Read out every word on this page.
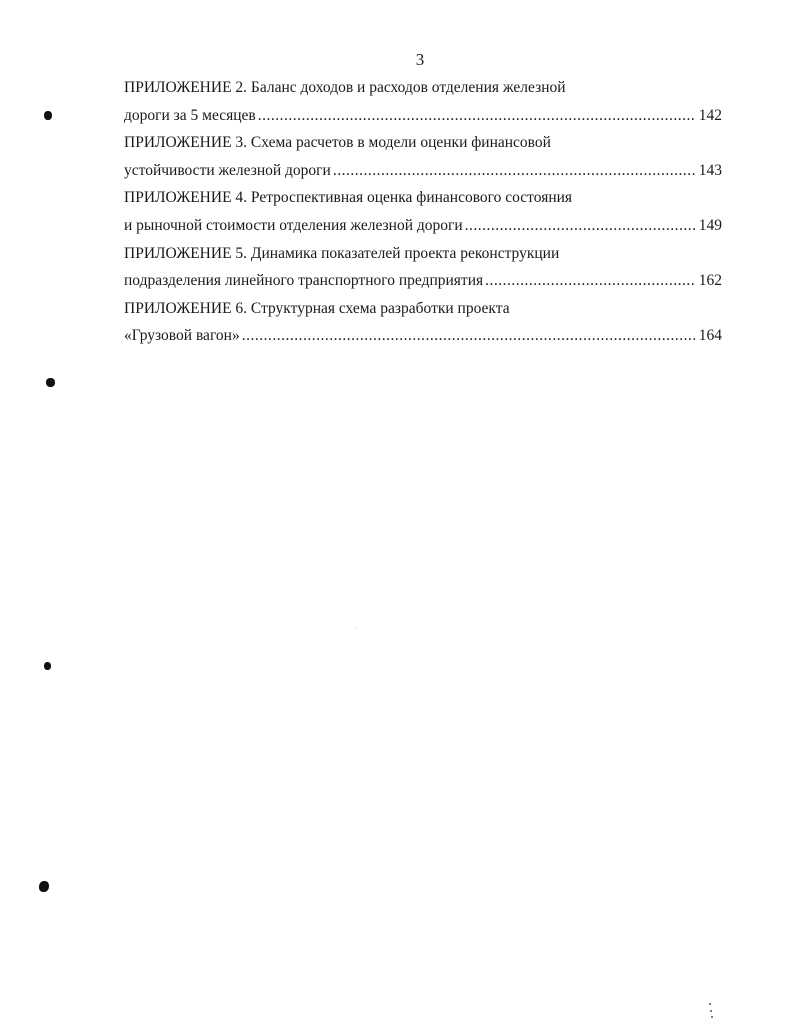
3
ПРИЛОЖЕНИЕ 2. Баланс доходов и расходов отделения железной
дороги за 5 месяцев .....	142
ПРИЛОЖЕНИЕ 3. Схема расчетов в модели оценки финансовой
устойчивости железной дороги .....	143
ПРИЛОЖЕНИЕ 4. Ретроспективная оценка финансового состояния
и рыночной стоимости отделения железной дороги .....	149
ПРИЛОЖЕНИЕ 5. Динамика показателей проекта реконструкции
подразделения линейного транспортного предприятия .....	162
ПРИЛОЖЕНИЕ 6. Структурная схема разработки проекта
«Грузовой вагон» .....	164
